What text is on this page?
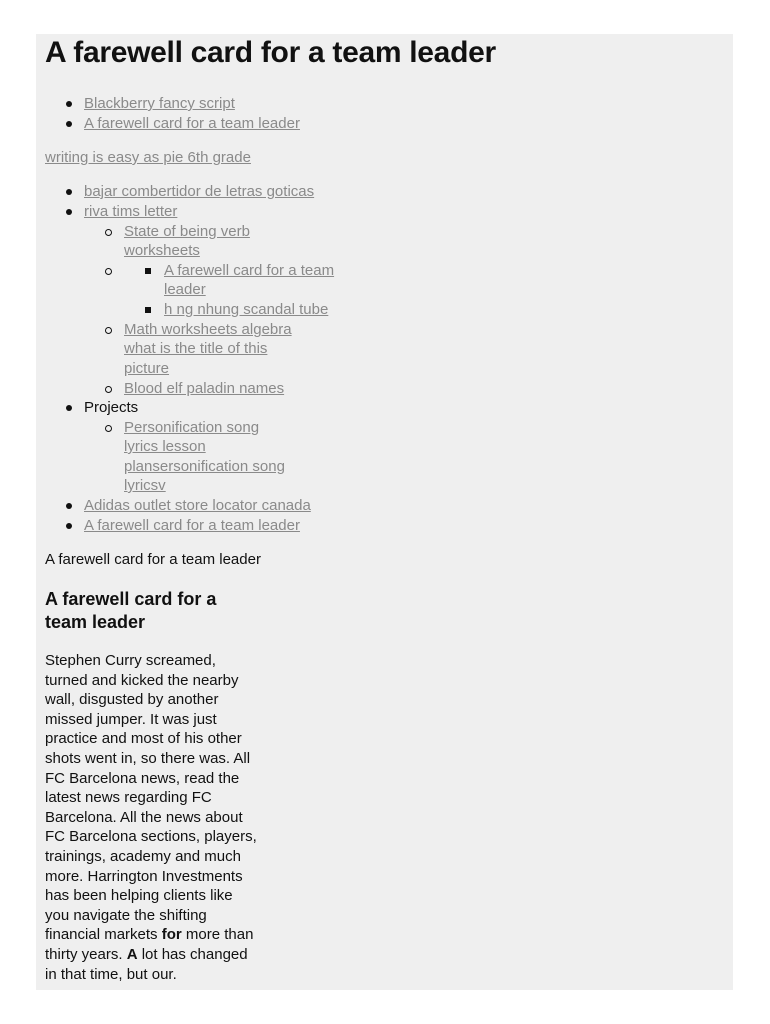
A farewell card for a team leader
Blackberry fancy script
A farewell card for a team leader
writing is easy as pie 6th grade
bajar combertidor de letras goticas
riva tims letter
State of being verb
worksheets
A farewell card for a team
leader
h ng nhung scandal tube
Math worksheets algebra
what is the title of this
picture
Blood elf paladin names
Projects
Personification song
lyrics lesson
plansersonification song
lyricsv
Adidas outlet store locator canada
A farewell card for a team leader
A farewell card for a team leader
A farewell card for a
team leader
Stephen Curry screamed,
turned and kicked the nearby
wall, disgusted by another
missed jumper. It was just
practice and most of his other
shots went in, so there was. All
FC Barcelona news, read the
latest news regarding FC
Barcelona. All the news about
FC Barcelona sections, players,
trainings, academy and much
more. Harrington Investments
has been helping clients like
you navigate the shifting
financial markets for more than
thirty years. A lot has changed
in that time, but our.
